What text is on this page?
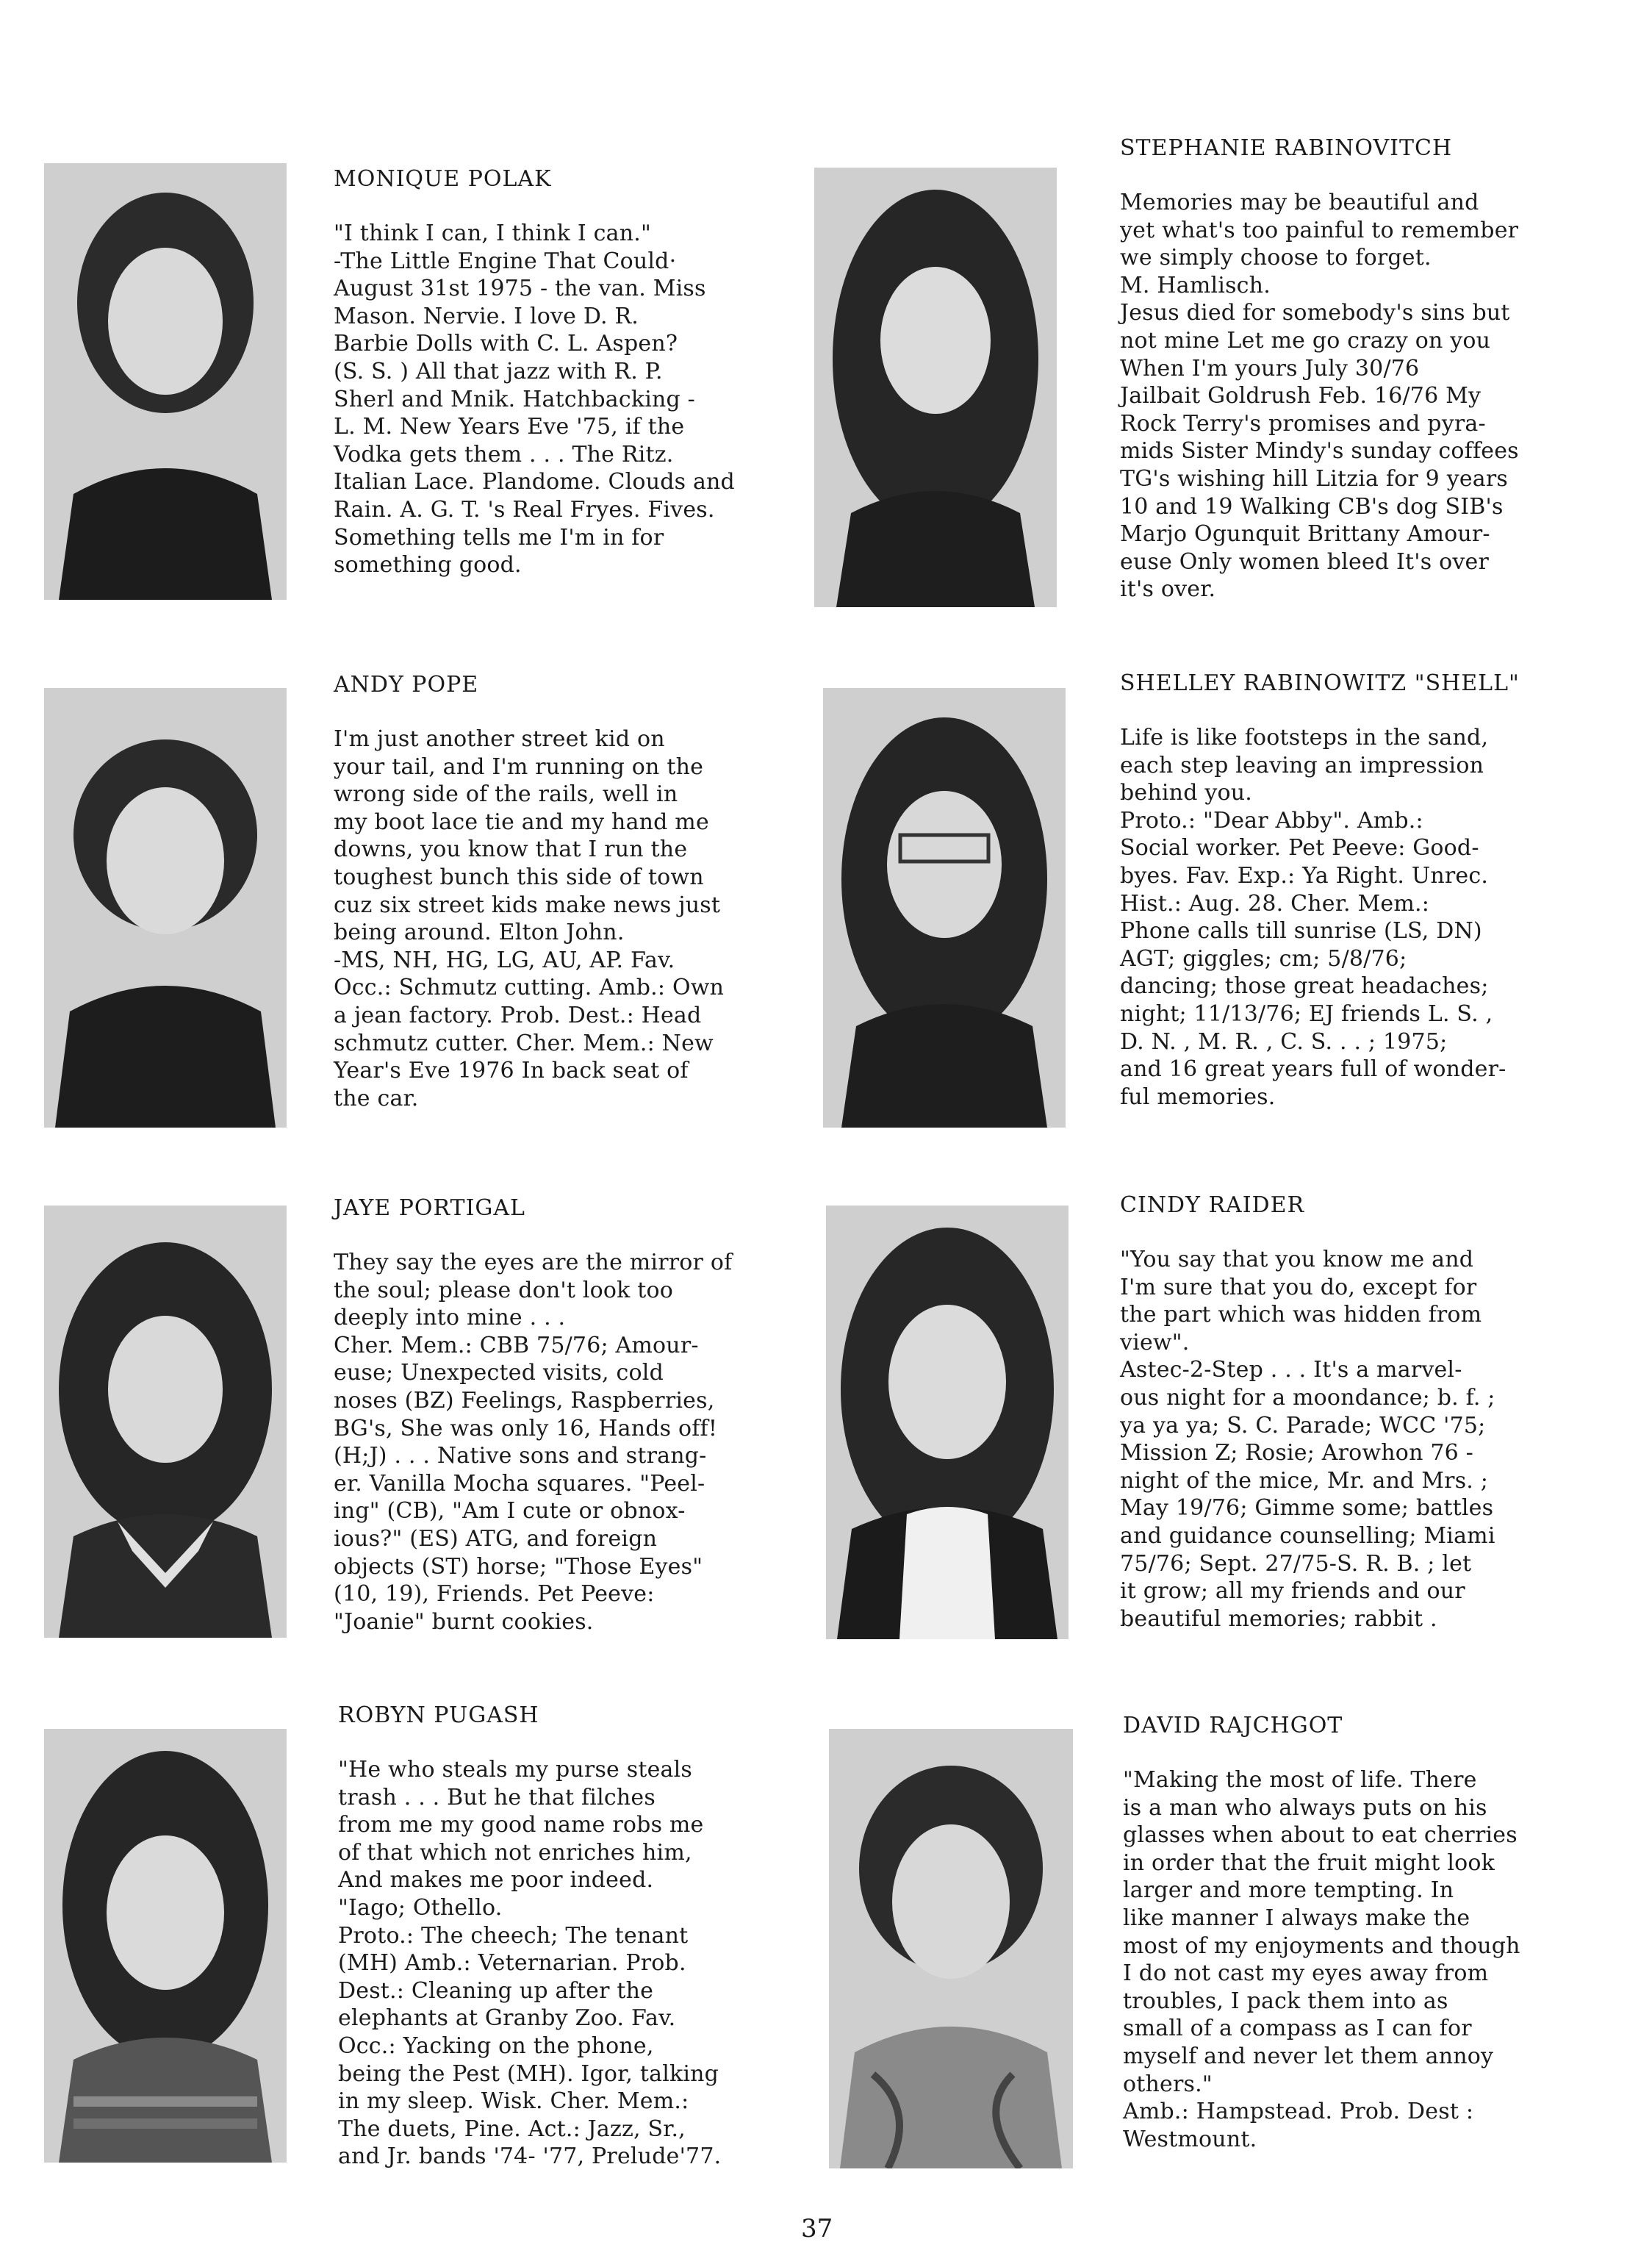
MONIQUE POLAK

"I think I can, I think I can."
-The Little Engine That Could·
August 31st 1975 - the van. Miss
Mason. Nervie. I love D. R.
Barbie Dolls with C. L. Aspen?
(S. S. ) All that jazz with R. P.
Sherl and Mnik. Hatchbacking -
L. M. New Years Eve '75, if the
Vodka gets them . . . The Ritz.
Italian Lace. Plandome. Clouds and
Rain. A. G. T. 's Real Fryes. Fives.
Something tells me I'm in for
something good.

STEPHANIE RABINOVITCH

Memories may be beautiful and
yet what's too painful to remember
we simply choose to forget.
M. Hamlisch.
Jesus died for somebody's sins but
not mine Let me go crazy on you
When I'm yours July 30/76
Jailbait Goldrush Feb. 16/76 My
Rock Terry's promises and pyra-
mids Sister Mindy's sunday coffees
TG's wishing hill Litzia for 9 years
10 and 19 Walking CB's dog SIB's
Marjo Ogunquit Brittany Amour-
euse Only women bleed It's over
it's over.

ANDY POPE

I'm just another street kid on
your tail, and I'm running on the
wrong side of the rails, well in
my boot lace tie and my hand me
downs, you know that I run the
toughest bunch this side of town
cuz six street kids make news just
being around. Elton John.
-MS, NH, HG, LG, AU, AP. Fav.
Occ.: Schmutz cutting. Amb.: Own
a jean factory. Prob. Dest.: Head
schmutz cutter. Cher. Mem.: New
Year's Eve 1976 In back seat of
the car.

SHELLEY RABINOWITZ "SHELL"

Life is like footsteps in the sand,
each step leaving an impression
behind you.
Proto.: "Dear Abby". Amb.:
Social worker. Pet Peeve: Good-
byes. Fav. Exp.: Ya Right. Unrec.
Hist.: Aug. 28. Cher. Mem.:
Phone calls till sunrise (LS, DN)
AGT; giggles; cm; 5/8/76;
dancing; those great headaches;
night; 11/13/76; EJ friends L. S. ,
D. N. , M. R. , C. S. . . ; 1975;
and 16 great years full of wonder-
ful memories.

JAYE PORTIGAL

They say the eyes are the mirror of
the soul; please don't look too
deeply into mine . . .
Cher. Mem.: CBB 75/76; Amour-
euse; Unexpected visits, cold
noses (BZ) Feelings, Raspberries,
BG's, She was only 16, Hands off!
(H;J) . . . Native sons and strang-
er. Vanilla Mocha squares. "Peel-
ing" (CB), "Am I cute or obnox-
ious?" (ES) ATG, and foreign
objects (ST) horse; "Those Eyes"
(10, 19), Friends. Pet Peeve:
"Joanie" burnt cookies.

CINDY RAIDER

"You say that you know me and
I'm sure that you do, except for
the part which was hidden from
view".
Astec-2-Step . . . It's a marvel-
ous night for a moondance; b. f. ;
ya ya ya; S. C. Parade; WCC '75;
Mission Z; Rosie; Arowhon 76 -
night of the mice, Mr. and Mrs. ;
May 19/76; Gimme some; battles
and guidance counselling; Miami
75/76; Sept. 27/75-S. R. B. ; let
it grow; all my friends and our
beautiful memories; rabbit .

ROBYN PUGASH

"He who steals my purse steals
trash . . . But he that filches
from me my good name robs me
of that which not enriches him,
And makes me poor indeed.
"Iago; Othello.
Proto.: The cheech; The tenant
(MH) Amb.: Veternarian. Prob.
Dest.: Cleaning up after the
elephants at Granby Zoo. Fav.
Occ.: Yacking on the phone,
being the Pest (MH). Igor, talking
in my sleep. Wisk. Cher. Mem.:
The duets, Pine. Act.: Jazz, Sr.,
and Jr. bands '74- '77, Prelude'77.

DAVID RAJCHGOT

"Making the most of life. There
is a man who always puts on his
glasses when about to eat cherries
in order that the fruit might look
larger and more tempting. In
like manner I always make the
most of my enjoyments and though
I do not cast my eyes away from
troubles, I pack them into as
small of a compass as I can for
myself and never let them annoy
others."
Amb.: Hampstead. Prob. Dest :
Westmount.

37
